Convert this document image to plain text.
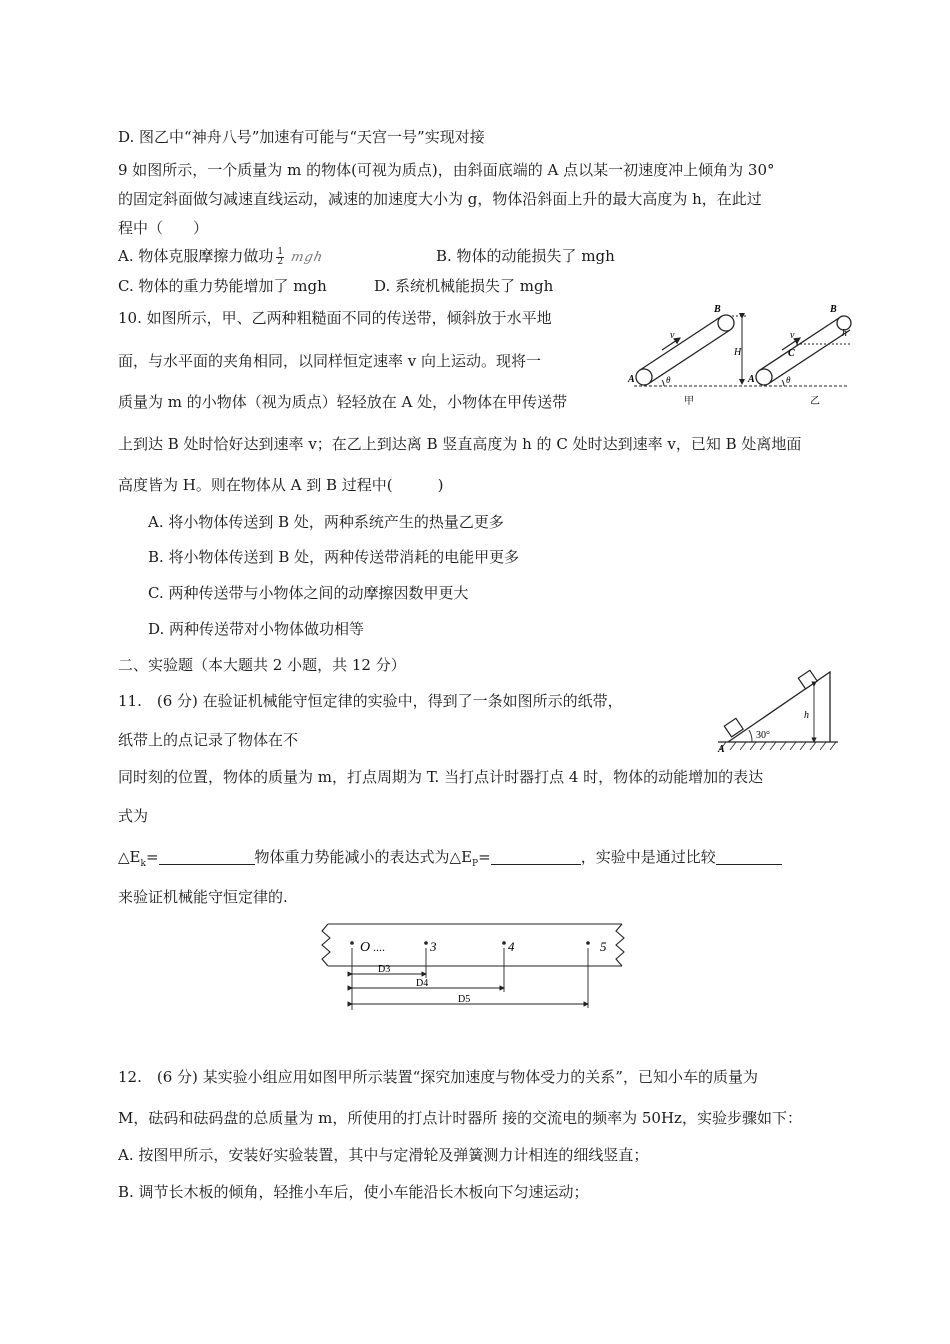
D. 图乙中“神舟八号”加速有可能与“天宫一号”实现对接
9 如图所示，一个质量为 m 的物体(可视为质点)，由斜面底端的 A 点以某一初速度冲上倾角为 30°
的固定斜面做匀减速直线运动，减速的加速度大小为 g，物体沿斜面上升的最大高度为 h，在此过
程中（　　）
A. 物体克服摩擦力做功 $\frac{1}{2}$ mgh	B. 物体的动能损失了 mgh
C. 物体的重力势能增加了 mgh	D. 系统机械能损失了 mgh
10. 如图所示，甲、乙两种粗糙面不同的传送带，倾斜放于水平地
面，与水平面的夹角相同，以同样恒定速率 v 向上运动。现将一
质量为 m 的小物体（视为质点）轻轻放在 A 处，小物体在甲传送带
上到达 B 处时恰好达到速率 v；在乙上到达离 B 竖直高度为 h 的 C 处时达到速率 v，已知 B 处离地面
高度皆为 H。则在物体从 A 到 B 过程中(　　　)
A. 将小物体传送到 B 处，两种系统产生的热量乙更多
B. 将小物体传送到 B 处，两种传送带消耗的电能甲更多
C. 两种传送带与小物体之间的动摩擦因数甲更大
D. 两种传送带对小物体做功相等
v
B
A	θ
H
甲
v
B
C
A	θ
h
乙
二、实验题（本大题共 2 小题，共 12 分）
11.　(6 分) 在验证机械能守恒定律的实验中，得到了一条如图所示的纸带，
纸带上的点记录了物体在不
同时刻的位置，物体的质量为 m，打点周期为 T. 当打点计时器打点 4 时，物体的动能增加的表达
式为
$\triangle E_k=$	物体重力势能减小的表达式为$\triangle E_P=$	，实验中是通过比较
来验证机械能守恒定律的.
h
30°
A
O ....	3	4	5
D3
D4
D5
12.　(6 分) 某实验小组应用如图甲所示装置“探究加速度与物体受力的关系”，已知小车的质量为
M，砝码和砝码盘的总质量为 m，所使用的打点计时器所 接的交流电的频率为 50Hz，实验步骤如下：
A. 按图甲所示，安装好实验装置，其中与定滑轮及弹簧测力计相连的细线竖直；
B. 调节长木板的倾角，轻推小车后，使小车能沿长木板向下匀速运动；
